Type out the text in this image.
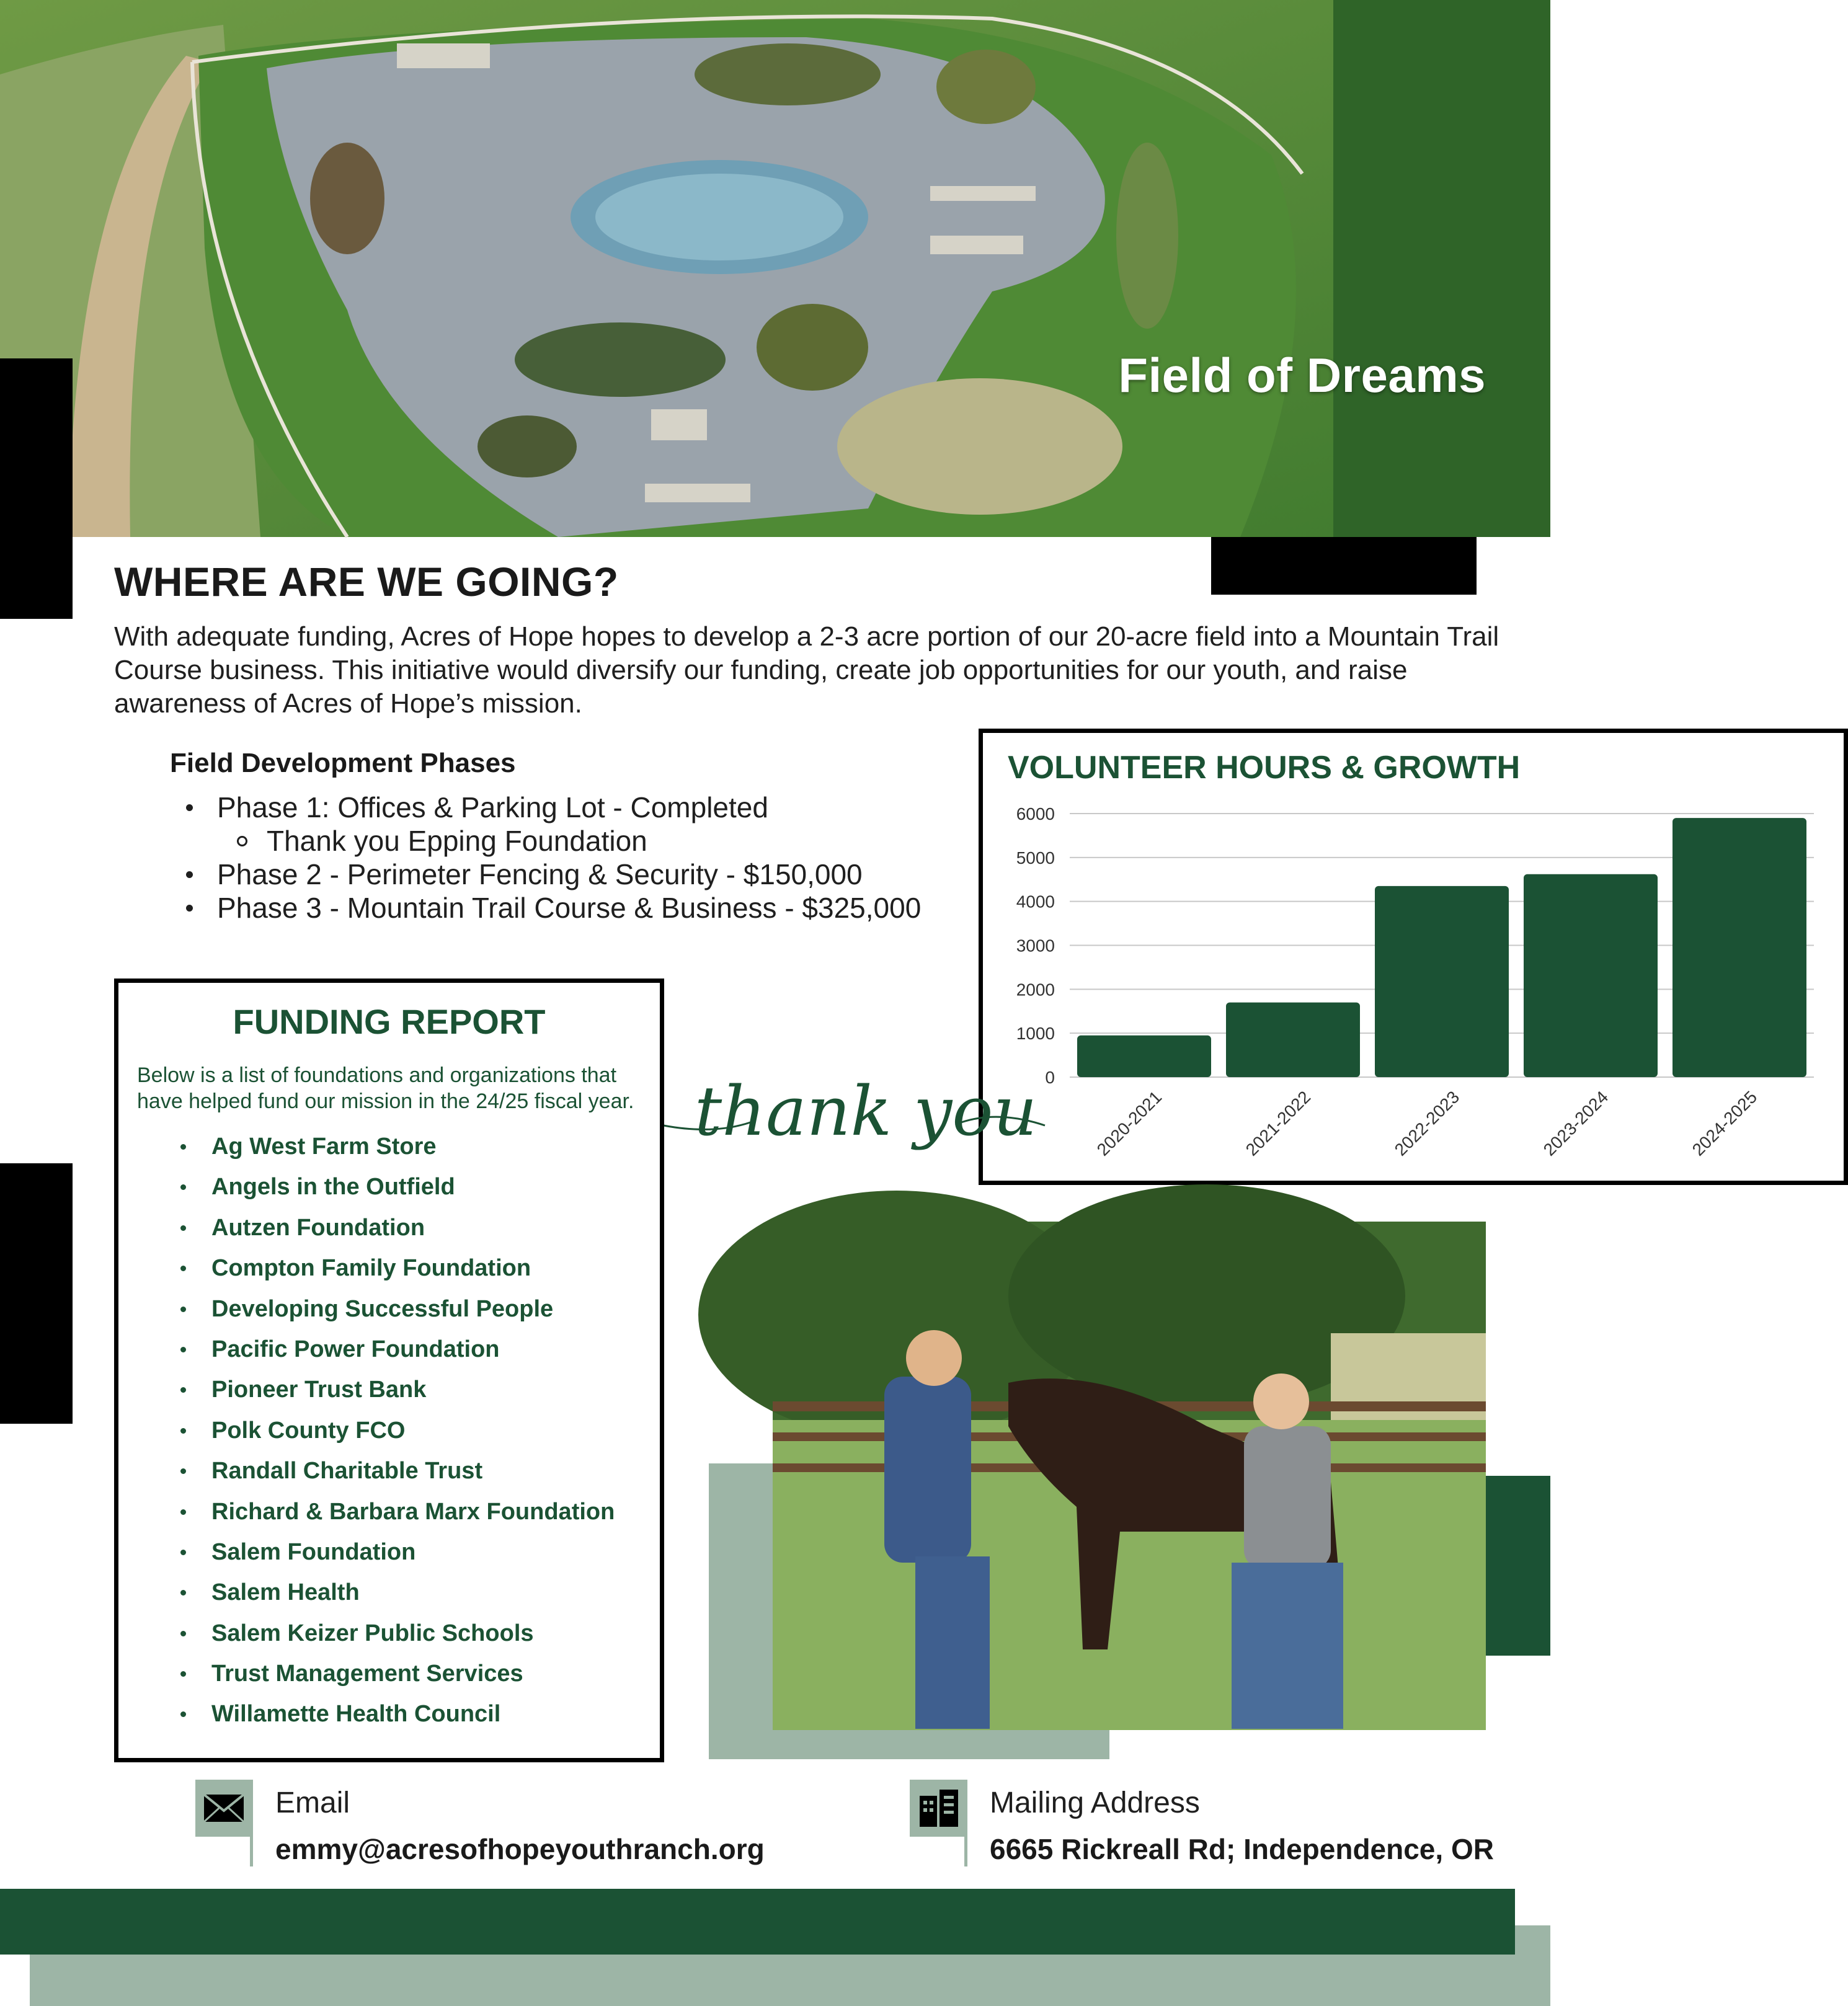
Field of Dreams
WHERE ARE WE GOING?
With adequate funding, Acres of Hope hopes to develop a 2-3 acre portion of our 20-acre field into a Mountain Trail Course business. This initiative would diversify our funding, create job opportunities for our youth, and raise awareness of Acres of Hope’s mission.
Field Development Phases
Phase 1: Offices & Parking Lot - Completed
Thank you Epping Foundation
Phase 2 - Perimeter Fencing & Security - $150,000
Phase 3 - Mountain Trail Course & Business - $325,000
VOLUNTEER HOURS & GROWTH
0
1000
2000
3000
4000
5000
6000
2020-2021	2021-2022	2022-2023	2023-2024	2024-2025
thank you
FUNDING REPORT
Below is a list of foundations and organizations that have helped fund our mission in the 24/25 fiscal year.
Ag West Farm Store
Angels in the Outfield
Autzen Foundation
Compton Family Foundation
Developing Successful People
Pacific Power Foundation
Pioneer Trust Bank
Polk County FCO
Randall Charitable Trust
Richard & Barbara Marx Foundation
Salem Foundation
Salem Health
Salem Keizer Public Schools
Trust Management Services
Willamette Health Council
Email
emmy@acresofhopeyouthranch.org
Mailing Address
6665 Rickreall Rd; Independence, OR
